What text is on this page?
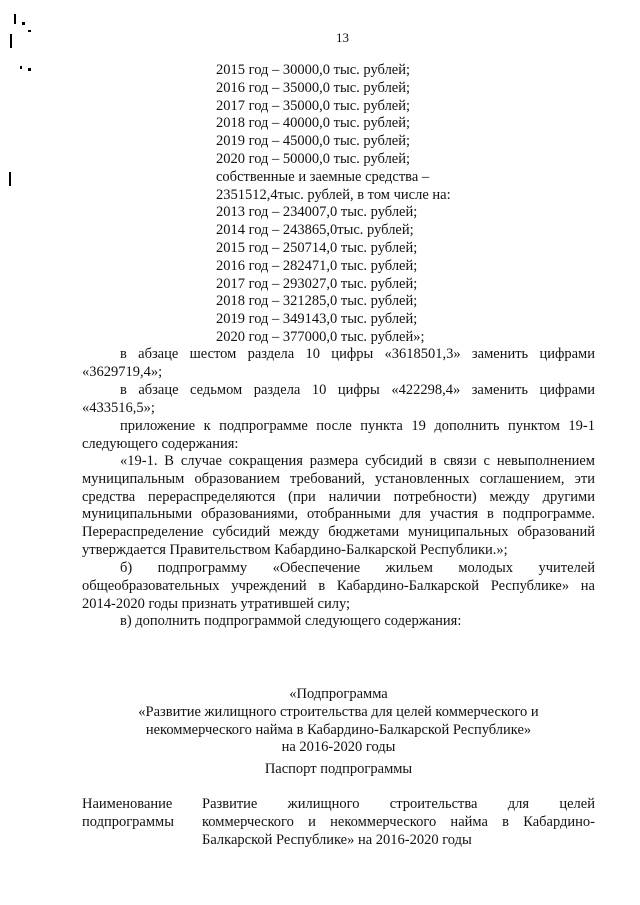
13
2015 год – 30000,0 тыс. рублей;
2016 год – 35000,0 тыс. рублей;
2017 год – 35000,0 тыс. рублей;
2018 год – 40000,0 тыс. рублей;
2019 год – 45000,0 тыс. рублей;
2020 год – 50000,0 тыс. рублей;
собственные и заемные средства –
2351512,4тыс. рублей, в том числе на:
2013 год – 234007,0 тыс. рублей;
2014 год – 243865,0тыс. рублей;
2015 год – 250714,0 тыс. рублей;
2016 год – 282471,0 тыс. рублей;
2017 год – 293027,0 тыс. рублей;
2018 год – 321285,0 тыс. рублей;
2019 год – 349143,0 тыс. рублей;
2020 год – 377000,0 тыс. рублей»;
в абзаце шестом раздела 10 цифры «3618501,3» заменить цифрами
«3629719,4»;
в абзаце седьмом раздела 10 цифры «422298,4» заменить цифрами
«433516,5»;
приложение к подпрограмме после пункта 19 дополнить пунктом 19-1
следующего содержания:
«19-1. В случае сокращения размера субсидий в связи с невыполнением
муниципальным образованием требований, установленных соглашением, эти
средства перераспределяются (при наличии потребности) между другими
муниципальными образованиями, отобранными для участия в подпрограмме.
Перераспределение субсидий между бюджетами муниципальных образований
утверждается Правительством Кабардино-Балкарской Республики.»;
б) подпрограмму «Обеспечение жильем молодых учителей
общеобразовательных учреждений в Кабардино-Балкарской Республике» на
2014-2020 годы признать утратившей силу;
в) дополнить подпрограммой следующего содержания:
«Подпрограмма
«Развитие жилищного строительства для целей коммерческого и
некоммерческого найма в Кабардино-Балкарской Республике»
на 2016-2020 годы
Паспорт подпрограммы
Наименование
подпрограммы
Развитие жилищного строительства для целей
коммерческого и некоммерческого найма в Кабардино-
Балкарской Республике» на 2016-2020 годы
